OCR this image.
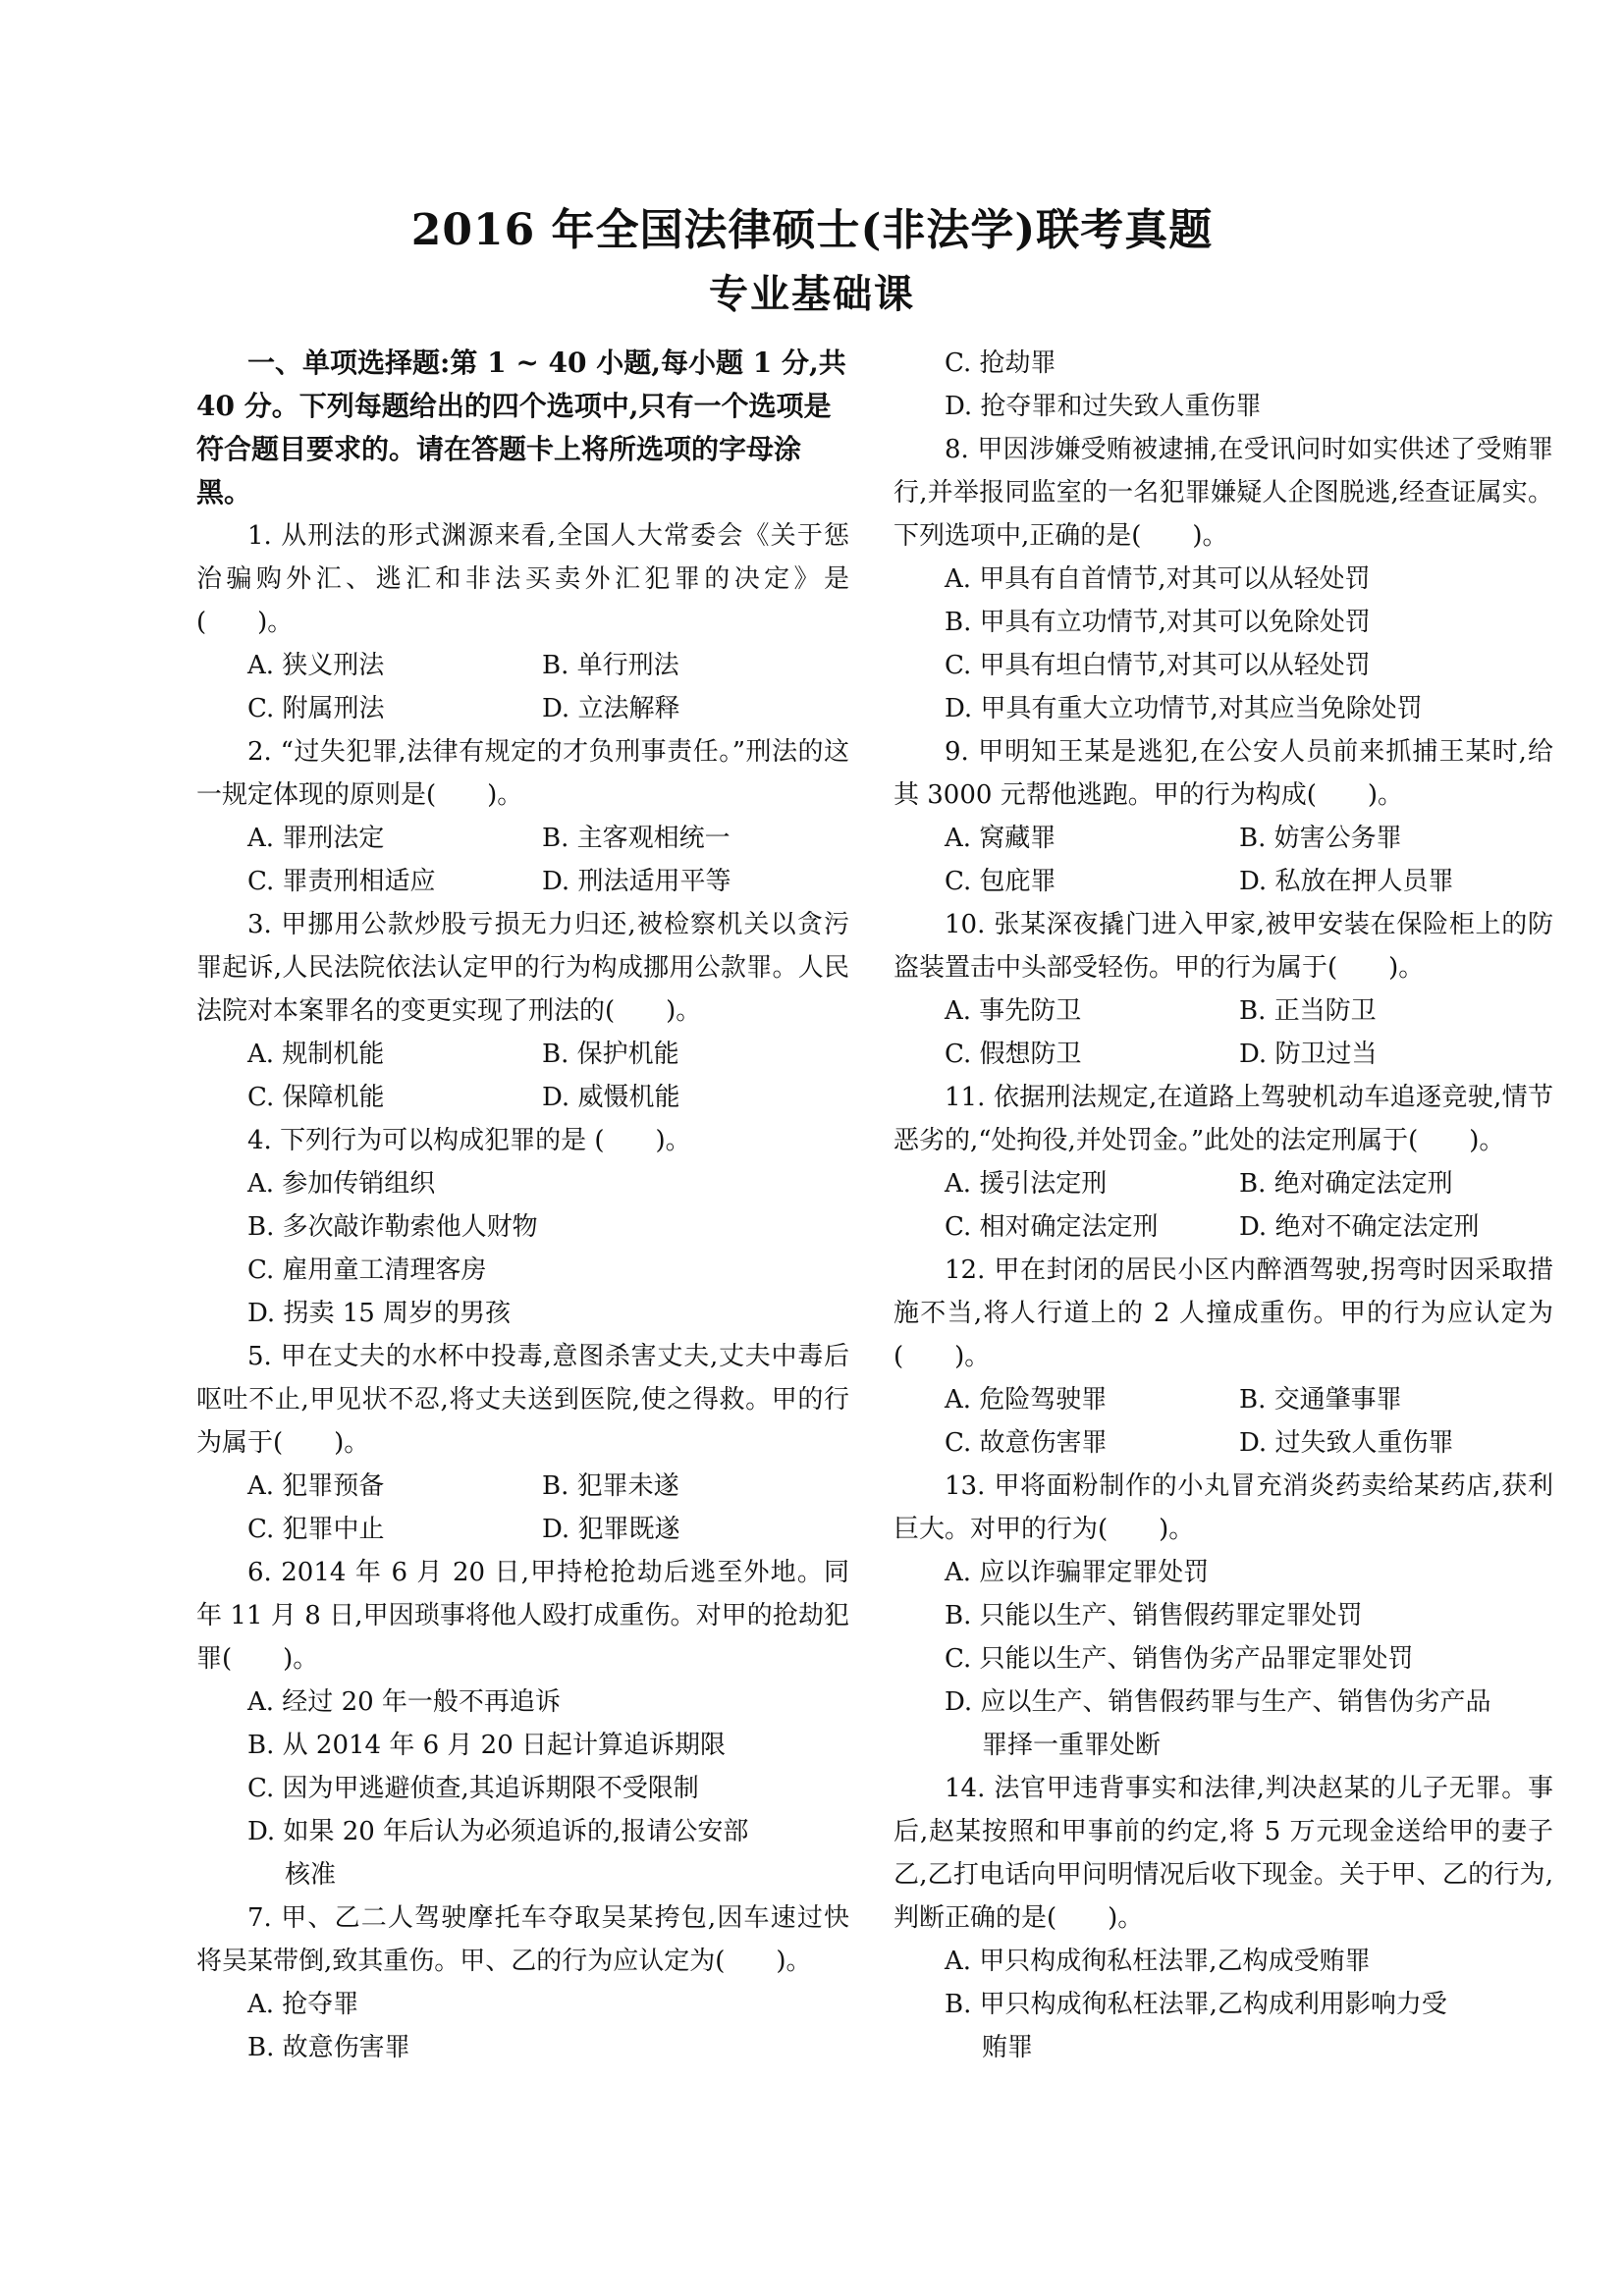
2016 年全国法律硕士(非法学)联考真题
专业基础课

一、单项选择题:第 1 ~ 40 小题,每小题 1 分,共 40 分。下列每题给出的四个选项中,只有一个选项是符合题目要求的。请在答题卡上将所选项的字母涂黑。

1. 从刑法的形式渊源来看,全国人大常委会《关于惩治骗购外汇、逃汇和非法买卖外汇犯罪的决定》是(　　)。

A. 狭义刑法	B. 单行刑法
C. 附属刑法	D. 立法解释

2. “过失犯罪,法律有规定的才负刑事责任。”刑法的这一规定体现的原则是(　　)。

A. 罪刑法定	B. 主客观相统一
C. 罪责刑相适应	D. 刑法适用平等

3. 甲挪用公款炒股亏损无力归还,被检察机关以贪污罪起诉,人民法院依法认定甲的行为构成挪用公款罪。人民法院对本案罪名的变更实现了刑法的(　　)。

A. 规制机能	B. 保护机能
C. 保障机能	D. 威慑机能

4. 下列行为可以构成犯罪的是 (　　)。

A. 参加传销组织

B. 多次敲诈勒索他人财物

C. 雇用童工清理客房

D. 拐卖 15 周岁的男孩

5. 甲在丈夫的水杯中投毒,意图杀害丈夫,丈夫中毒后呕吐不止,甲见状不忍,将丈夫送到医院,使之得救。甲的行为属于(　　)。

A. 犯罪预备	B. 犯罪未遂
C. 犯罪中止	D. 犯罪既遂

6. 2014 年 6 月 20 日,甲持枪抢劫后逃至外地。同年 11 月 8 日,甲因琐事将他人殴打成重伤。对甲的抢劫犯罪(　　)。

A. 经过 20 年一般不再追诉

B. 从 2014 年 6 月 20 日起计算追诉期限

C. 因为甲逃避侦查,其追诉期限不受限制

D. 如果 20 年后认为必须追诉的,报请公安部
核准

7. 甲、乙二人驾驶摩托车夺取吴某挎包,因车速过快将吴某带倒,致其重伤。甲、乙的行为应认定为(　　)。

A. 抢夺罪

B. 故意伤害罪

C. 抢劫罪

D. 抢夺罪和过失致人重伤罪

8. 甲因涉嫌受贿被逮捕,在受讯问时如实供述了受贿罪行,并举报同监室的一名犯罪嫌疑人企图脱逃,经查证属实。下列选项中,正确的是(　　)。

A. 甲具有自首情节,对其可以从轻处罚

B. 甲具有立功情节,对其可以免除处罚

C. 甲具有坦白情节,对其可以从轻处罚

D. 甲具有重大立功情节,对其应当免除处罚

9. 甲明知王某是逃犯,在公安人员前来抓捕王某时,给其 3000 元帮他逃跑。甲的行为构成(　　)。

A. 窝藏罪	B. 妨害公务罪
C. 包庇罪	D. 私放在押人员罪

10. 张某深夜撬门进入甲家,被甲安装在保险柜上的防盗装置击中头部受轻伤。甲的行为属于(　　)。

A. 事先防卫	B. 正当防卫
C. 假想防卫	D. 防卫过当

11. 依据刑法规定,在道路上驾驶机动车追逐竞驶,情节恶劣的,“处拘役,并处罚金。”此处的法定刑属于(　　)。

A. 援引法定刑	B. 绝对确定法定刑
C. 相对确定法定刑	D. 绝对不确定法定刑

12. 甲在封闭的居民小区内醉酒驾驶,拐弯时因采取措施不当,将人行道上的 2 人撞成重伤。甲的行为应认定为(　　)。

A. 危险驾驶罪	B. 交通肇事罪
C. 故意伤害罪	D. 过失致人重伤罪

13. 甲将面粉制作的小丸冒充消炎药卖给某药店,获利巨大。对甲的行为(　　)。

A. 应以诈骗罪定罪处罚

B. 只能以生产、销售假药罪定罪处罚

C. 只能以生产、销售伪劣产品罪定罪处罚

D. 应以生产、销售假药罪与生产、销售伪劣产品
罪择一重罪处断

14. 法官甲违背事实和法律,判决赵某的儿子无罪。事后,赵某按照和甲事前的约定,将 5 万元现金送给甲的妻子乙,乙打电话向甲问明情况后收下现金。关于甲、乙的行为,判断正确的是(　　)。

A. 甲只构成徇私枉法罪,乙构成受贿罪

B. 甲只构成徇私枉法罪,乙构成利用影响力受
贿罪
